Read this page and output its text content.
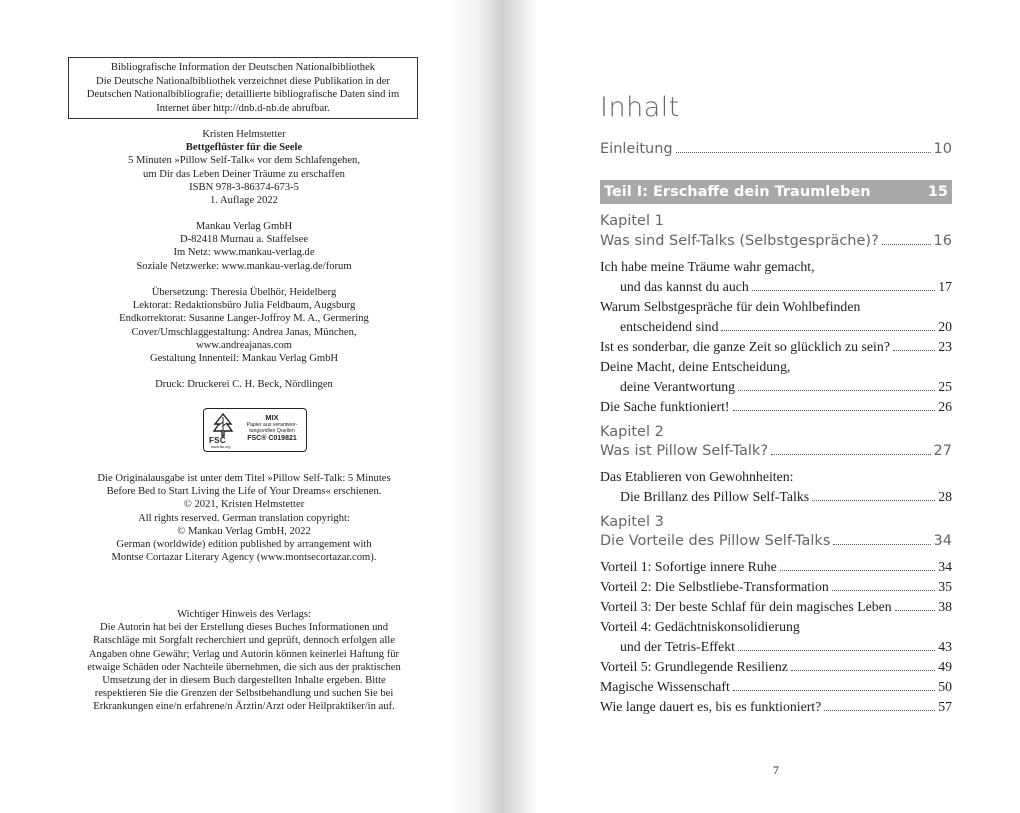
Bibliografische Information der Deutschen Nationalbibliothek
Die Deutsche Nationalbibliothek verzeichnet diese Publikation in der
Deutschen Nationalbibliografie; detaillierte bibliografische Daten sind im
Internet über http://dnb.d-nb.de abrufbar.
Kristen Helmstetter
Bettgeflüster für die Seele
5 Minuten »Pillow Self-Talk« vor dem Schlafengehen,
um Dir das Leben Deiner Träume zu erschaffen
ISBN 978-3-86374-673-5
1. Auflage 2022
Mankau Verlag GmbH
D-82418 Murnau a. Staffelsee
Im Netz: www.mankau-verlag.de
Soziale Netzwerke: www.mankau-verlag.de/forum
Übersetzung: Theresia Übelhör, Heidelberg
Lektorat: Redaktionsbüro Julia Feldbaum, Augsburg
Endkorrektorat: Susanne Langer-Joffroy M. A., Germering
Cover/Umschlaggestaltung: Andrea Janas, München,
www.andreajanas.com
Gestaltung Innenteil: Mankau Verlag GmbH
Druck: Druckerei C. H. Beck, Nördlingen
FSC
www.fsc.org
MIX
Papier aus verantwor-
tungsvollen Quellen
FSC® C019821
Die Originalausgabe ist unter dem Titel »Pillow Self-Talk: 5 Minutes
Before Bed to Start Living the Life of Your Dreams« erschienen.
© 2021, Kristen Helmstetter
All rights reserved. German translation copyright:
© Mankau Verlag GmbH, 2022
German (worldwide) edition published by arrangement with
Montse Cortazar Literary Agency (www.montsecortazar.com).
Wichtiger Hinweis des Verlags:
Die Autorin hat bei der Erstellung dieses Buches Informationen und
Ratschläge mit Sorgfalt recherchiert und geprüft, dennoch erfolgen alle
Angaben ohne Gewähr; Verlag und Autorin können keinerlei Haftung für
etwaige Schäden oder Nachteile übernehmen, die sich aus der praktischen
Umsetzung der in diesem Buch dargestellten Inhalte ergeben. Bitte
respektieren Sie die Grenzen der Selbstbehandlung und suchen Sie bei
Erkrankungen eine/n erfahrene/n Ärztin/Arzt oder Heilpraktiker/in auf.
Inhalt
Einleitung	10
Teil I: Erschaffe dein Traumleben	15
Kapitel 1
Was sind Self-Talks (Selbstgespräche)?	16
Ich habe meine Träume wahr gemacht,
und das kannst du auch	17
Warum Selbstgespräche für dein Wohlbefinden
entscheidend sind	20
Ist es sonderbar, die ganze Zeit so glücklich zu sein?	23
Deine Macht, deine Entscheidung,
deine Verantwortung	25
Die Sache funktioniert!	26
Kapitel 2
Was ist Pillow Self-Talk?	27
Das Etablieren von Gewohnheiten:
Die Brillanz des Pillow Self-Talks	28
Kapitel 3
Die Vorteile des Pillow Self-Talks	34
Vorteil 1: Sofortige innere Ruhe	34
Vorteil 2: Die Selbstliebe-Transformation	35
Vorteil 3: Der beste Schlaf für dein magisches Leben	38
Vorteil 4: Gedächtniskonsolidierung
und der Tetris-Effekt	43
Vorteil 5: Grundlegende Resilienz	49
Magische Wissenschaft	50
Wie lange dauert es, bis es funktioniert?	57
7
